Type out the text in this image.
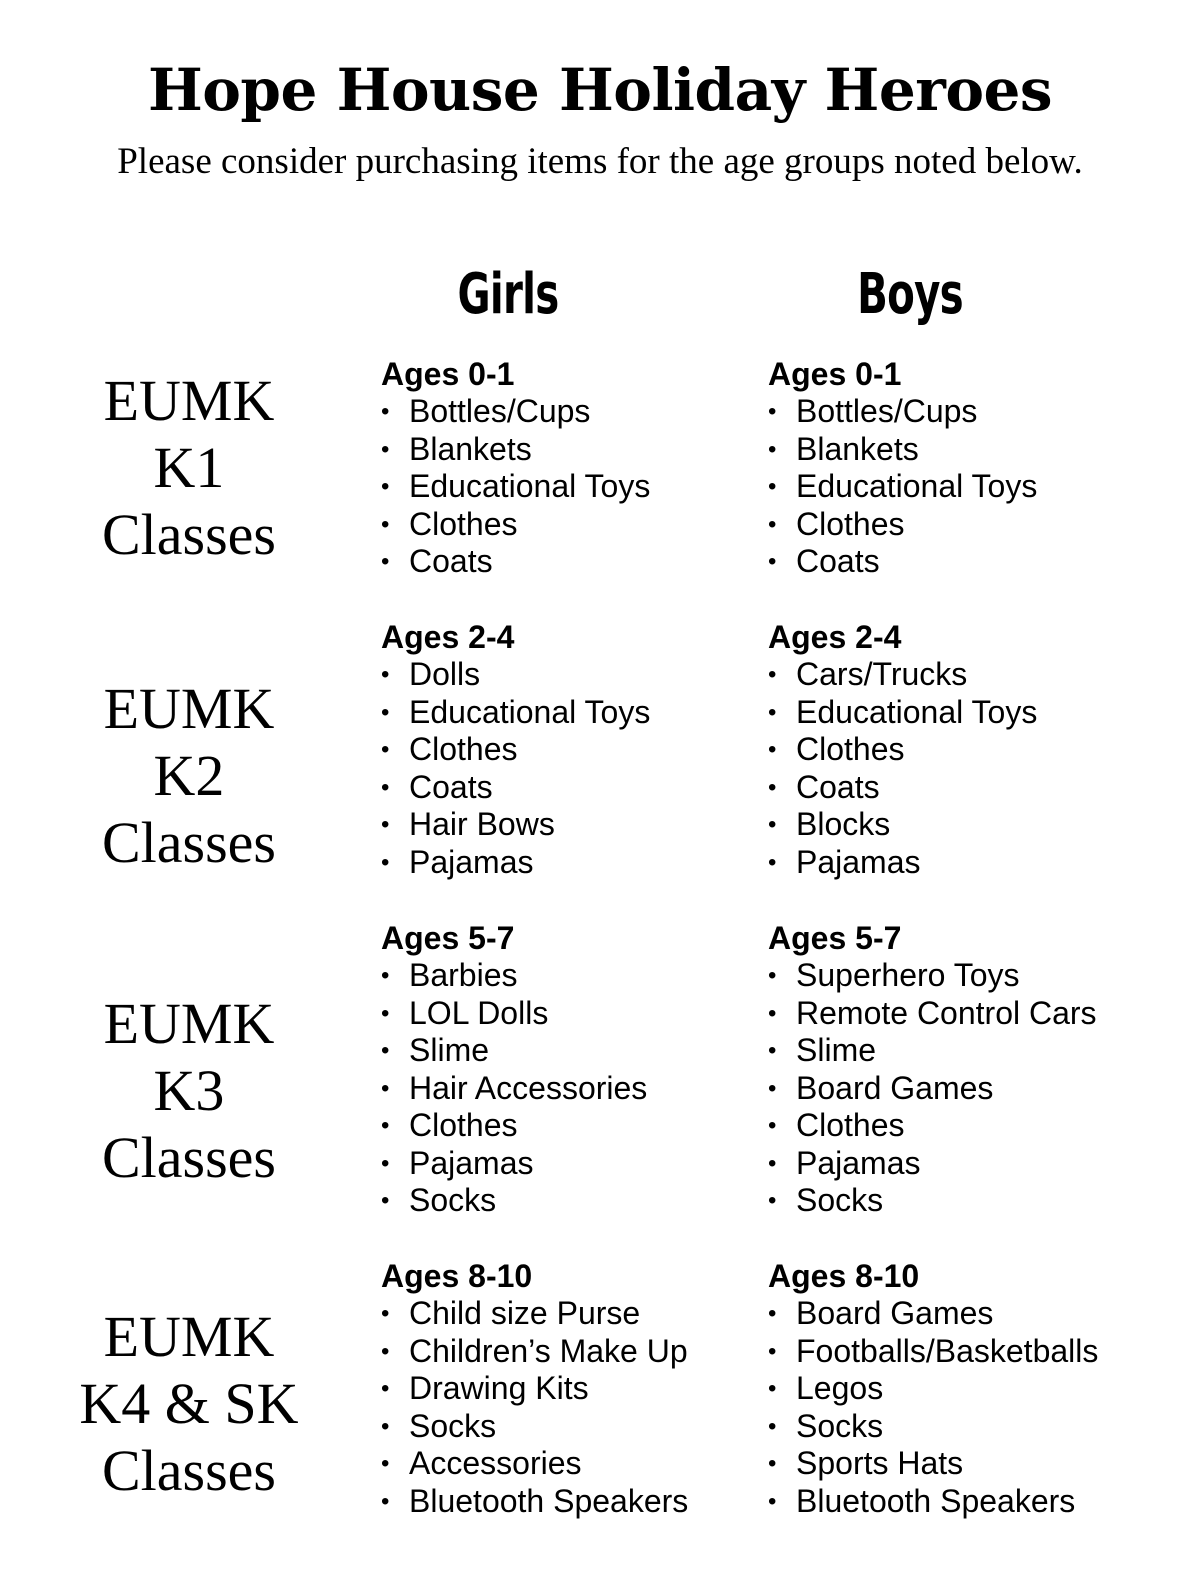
Hope House Holiday Heroes
Please consider purchasing items for the age groups noted below.
Girls	Boys
EUMK
K1
Classes
Ages 0-1
• Bottles/Cups
• Blankets
• Educational Toys
• Clothes
• Coats
Ages 0-1
• Bottles/Cups
• Blankets
• Educational Toys
• Clothes
• Coats
EUMK
K2
Classes
Ages 2-4
• Dolls
• Educational Toys
• Clothes
• Coats
• Hair Bows
• Pajamas
Ages 2-4
• Cars/Trucks
• Educational Toys
• Clothes
• Coats
• Blocks
• Pajamas
EUMK
K3
Classes
Ages 5-7
• Barbies
• LOL Dolls
• Slime
• Hair Accessories
• Clothes
• Pajamas
• Socks
Ages 5-7
• Superhero Toys
• Remote Control Cars
• Slime
• Board Games
• Clothes
• Pajamas
• Socks
EUMK
K4 & SK
Classes
Ages 8-10
• Child size Purse
• Children’s Make Up
• Drawing Kits
• Socks
• Accessories
• Bluetooth Speakers
Ages 8-10
• Board Games
• Footballs/Basketballs
• Legos
• Socks
• Sports Hats
• Bluetooth Speakers
